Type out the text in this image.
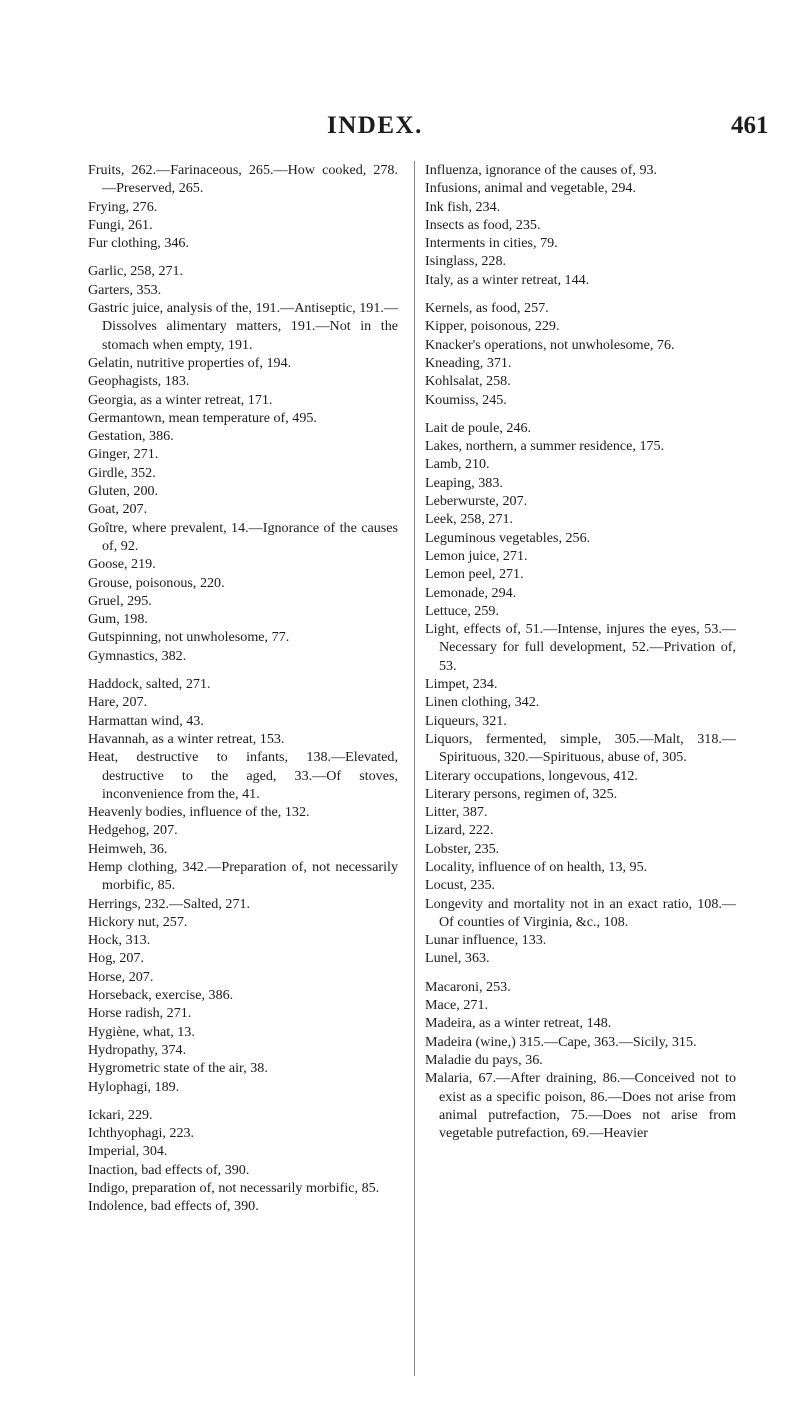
INDEX.	461
Fruits, 262.—Farinaceous, 265.—How cooked, 278.—Preserved, 265.
Frying, 276.
Fungi, 261.
Fur clothing, 346.
Garlic, 258, 271.
Garters, 353.
Gastric juice, analysis of the, 191.—Antiseptic, 191.—Dissolves alimentary matters, 191.—Not in the stomach when empty, 191.
Gelatin, nutritive properties of, 194.
Geophagists, 183.
Georgia, as a winter retreat, 171.
Germantown, mean temperature of, 495.
Gestation, 386.
Ginger, 271.
Girdle, 352.
Gluten, 200.
Goat, 207.
Goître, where prevalent, 14.—Ignorance of the causes of, 92.
Goose, 219.
Grouse, poisonous, 220.
Gruel, 295.
Gum, 198.
Gutspinning, not unwholesome, 77.
Gymnastics, 382.
Haddock, salted, 271.
Hare, 207.
Harmattan wind, 43.
Havannah, as a winter retreat, 153.
Heat, destructive to infants, 138.—Elevated, destructive to the aged, 33.—Of stoves, inconvenience from the, 41.
Heavenly bodies, influence of the, 132.
Hedgehog, 207.
Heimweh, 36.
Hemp clothing, 342.—Preparation of, not necessarily morbific, 85.
Herrings, 232.—Salted, 271.
Hickory nut, 257.
Hock, 313.
Hog, 207.
Horse, 207.
Horseback, exercise, 386.
Horse radish, 271.
Hygiène, what, 13.
Hydropathy, 374.
Hygrometric state of the air, 38.
Hylophagi, 189.
Ickari, 229.
Ichthyophagi, 223.
Imperial, 304.
Inaction, bad effects of, 390.
Indigo, preparation of, not necessarily morbific, 85.
Indolence, bad effects of, 390.
Influenza, ignorance of the causes of, 93.
Infusions, animal and vegetable, 294.
Ink fish, 234.
Insects as food, 235.
Interments in cities, 79.
Isinglass, 228.
Italy, as a winter retreat, 144.
Kernels, as food, 257.
Kipper, poisonous, 229.
Knacker's operations, not unwholesome, 76.
Kneading, 371.
Kohlsalat, 258.
Koumiss, 245.
Lait de poule, 246.
Lakes, northern, a summer residence, 175.
Lamb, 210.
Leaping, 383.
Leberwurste, 207.
Leek, 258, 271.
Leguminous vegetables, 256.
Lemon juice, 271.
Lemon peel, 271.
Lemonade, 294.
Lettuce, 259.
Light, effects of, 51.—Intense, injures the eyes, 53.—Necessary for full development, 52.—Privation of, 53.
Limpet, 234.
Linen clothing, 342.
Liqueurs, 321.
Liquors, fermented, simple, 305.—Malt, 318.—Spirituous, 320.—Spirituous, abuse of, 305.
Literary occupations, longevous, 412.
Literary persons, regimen of, 325.
Litter, 387.
Lizard, 222.
Lobster, 235.
Locality, influence of on health, 13, 95.
Locust, 235.
Longevity and mortality not in an exact ratio, 108.—Of counties of Virginia, &c., 108.
Lunar influence, 133.
Lunel, 363.
Macaroni, 253.
Mace, 271.
Madeira, as a winter retreat, 148.
Madeira (wine,) 315.—Cape, 363.—Sicily, 315.
Maladie du pays, 36.
Malaria, 67.—After draining, 86.—Conceived not to exist as a specific poison, 86.—Does not arise from animal putrefaction, 75.—Does not arise from vegetable putrefaction, 69.—Heavier
